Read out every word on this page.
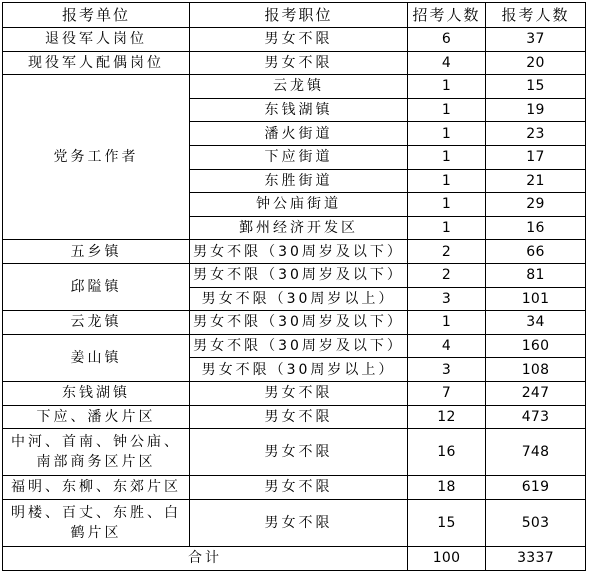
报考单位	报考职位	招考人数	报考人数
退役军人岗位	男女不限	6	37
现役军人配偶岗位	男女不限	4	20
党务工作者	云龙镇	1	15
	东钱湖镇	1	19
	潘火街道	1	23
	下应街道	1	17
	东胜街道	1	21
	钟公庙街道	1	29
	鄞州经济开发区	1	16
五乡镇	男女不限（30周岁及以下）	2	66
邱隘镇	男女不限（30周岁及以下）	2	81
	男女不限（30周岁以上）	3	101
云龙镇	男女不限（30周岁及以下）	1	34
姜山镇	男女不限（30周岁及以下）	4	160
	男女不限（30周岁以上）	3	108
东钱湖镇	男女不限	7	247
下应、潘火片区	男女不限	12	473
中河、首南、钟公庙、南部商务区片区	男女不限	16	748
福明、东柳、东郊片区	男女不限	18	619
明楼、百丈、东胜、白鹤片区	男女不限	15	503
合计		100	3337
